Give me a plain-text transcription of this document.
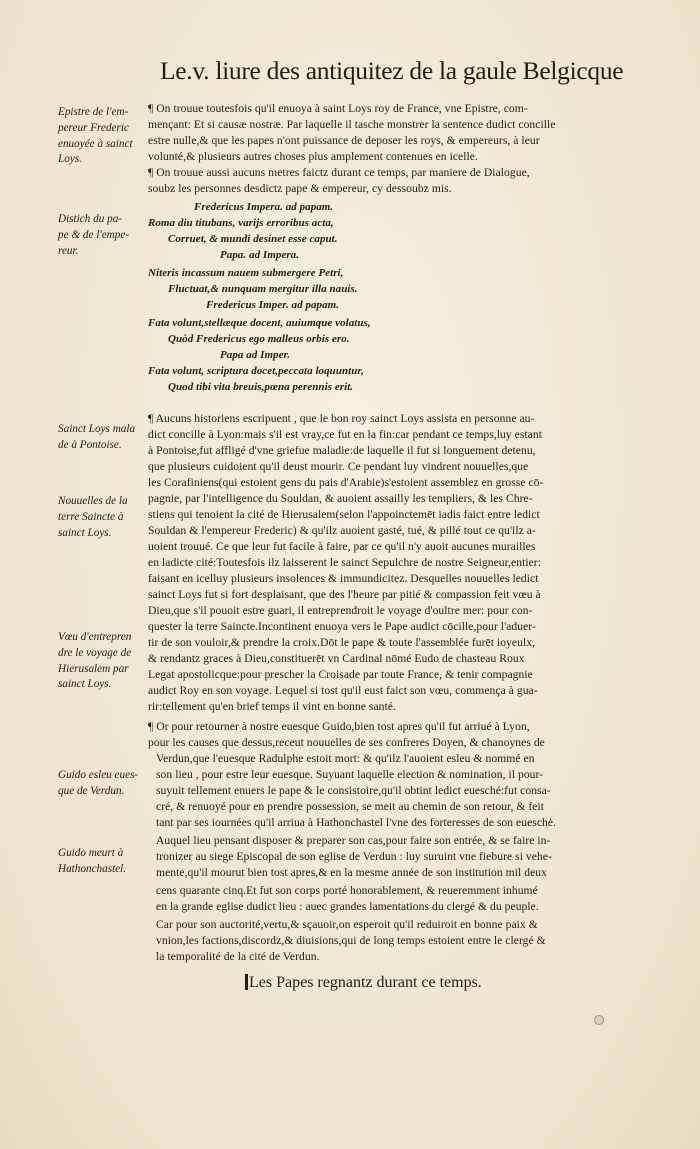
Le.v. liure des antiquitez de la gaule Belgicque
Epistre de l'em-
pereur Frederic
enuoyée à sainct
Loys.
Distich du pa-
pe & de l'empe-
reur.
Sainct Loys mala
de à Pontoise.
Nouuelles de la
terre Saincte à
sainct Loys.
Vœu d'entrepren
dre le voyage de
Hierusalem par
sainct Loys.
Guido esleu eues-
que de Verdun.
Guido meurt à
Hathonchastel.
¶ On trouue toutesfois qu'il enuoya à saint Loys roy de France, vne Epistre, com-
mençant: Et si causæ nostræ. Par laquelle il tasche monstrer la sentence dudict concille
estre nulle,& que les papes n'ont puissance de deposer les roys, & empereurs, à leur
volunté,& plusieurs autres choses plus amplement contenues en icelle.
¶ On trouue aussi aucuns metres faictz durant ce temps, par maniere de Dialogue,
soubz les personnes desdictz pape & empereur, cy dessoubz mis.
Fredericus Impera. ad papam.
Roma diu titubans, varijs erroribus acta,
Corruet, & mundi desinet esse caput.
Papa. ad Impera.
Niteris incassum nauem submergere Petri,
Fluctuat,& nunquam mergitur illa nauis.
Fredericus Imper. ad papam.
Fata volunt,stellæque docent, auiumque volatus,
Quòd Fredericus ego malleus orbis ero.
Papa ad Imper.
Fata volunt, scriptura docet,peccata loquuntur,
Quod tibi vita breuis,pœna perennis erit.
¶ Aucuns historiens escripuent , que le bon roy sainct Loys assista en personne au-
dict concille à Lyon:mais s'il est vray,ce fut en la fin:car pendant ce temps,luy estant
à Pontoise,fut affligé d'vne griefue maladie:de laquelle il fut si longuement detenu,
que plusieurs cuidoient qu'il deust mourir. Ce pendant luy vindrent nouuelles,que
les Corafiniens(qui estoient gens du pais d'Arabie)s'estoient assemblez en grosse cō-
pagnie, par l'intelligence du Souldan, & auoient assailly les templiers, & les Chre-
stiens qui tenoient la cité de Hierusalem(selon l'appoinctemēt iadis faict entre ledict
Souldan & l'empereur Frederic) & qu'ilz auoient gasté, tué, & pillé tout ce qu'ilz a-
uoient trouué. Ce que leur fut facile à faire, par ce qu'il n'y auoit aucunes murailles
en ladicte cité:Toutesfois ilz laisserent le sainct Sepulchre de nostre Seigneur,entier:
faisant en icelluy plusieurs insolences & immundicitez. Desquelles nouuelles ledict
sainct Loys fut si fort desplaisant, que des l'heure par pitié & compassion feit vœu à
Dieu,que s'il pouoit estre guari, il entreprendroit le voyage d'oultre mer: pour con-
quester la terre Saincte.Incontinent enuoya vers le Pape audict cōcille,pour l'aduer-
tir de son vouloir,& prendre la croix.Dōt le pape & toute l'assemblée furēt ioyeulx,
& rendantz graces à Dieu,constituerēt vn Cardinal nōmé Eudo de chasteau Roux
Legat apostolicque:pour prescher la Croisade par toute France, & tenir compagnie
audict Roy en son voyage. Lequel si tost qu'il eust faict son vœu, commença à gua-
rir:tellement qu'en brief temps il vint en bonne santé.
¶ Or pour retourner à nostre euesque Guido,bien tost apres qu'il fut arriué à Lyon,
pour les causes que dessus,receut nouuelles de ses confreres Doyen, & chanoynes de
Verdun,que l'euesque Radulphe estoit mort: & qu'ilz l'auoient esleu & nommé en
son lieu , pour estre leur euesque. Suyuant laquelle election & nomination, il pour-
suyuit tellement enuers le pape & le consistoire,qu'il obtint ledict euesché:fut consa-
cré, & renuoyé pour en prendre possession, se meit au chemin de son retour, & feit
tant par ses iournées qu'il arriua à Hathonchastel l'vne des forteresses de son eueschė.
Auquel lieu pensant disposer & preparer son cas,pour faire son entrée, & se faire in-
tronizer au siege Episcopal de son eglise de Verdun : luy suruint vne fiebure si vehe-
mente,qu'il mourut bien tost apres,& en la mesme année de son institution mil deux
cens quarante cinq.Et fut son corps porté honorablement, & reueremment inhumé
en la grande eglise dudict lieu : auec grandes lamentations du clergé & du peuple.
Car pour son auctorité,vertu,& sçauoir,on esperoit qu'il reduiroit en bonne paix &
vnion,les factions,discordz,& diuisions,qui de long temps estoient entre le clergé &
la temporalité de la cité de Verdun.
Les Papes regnantz durant ce temps.
